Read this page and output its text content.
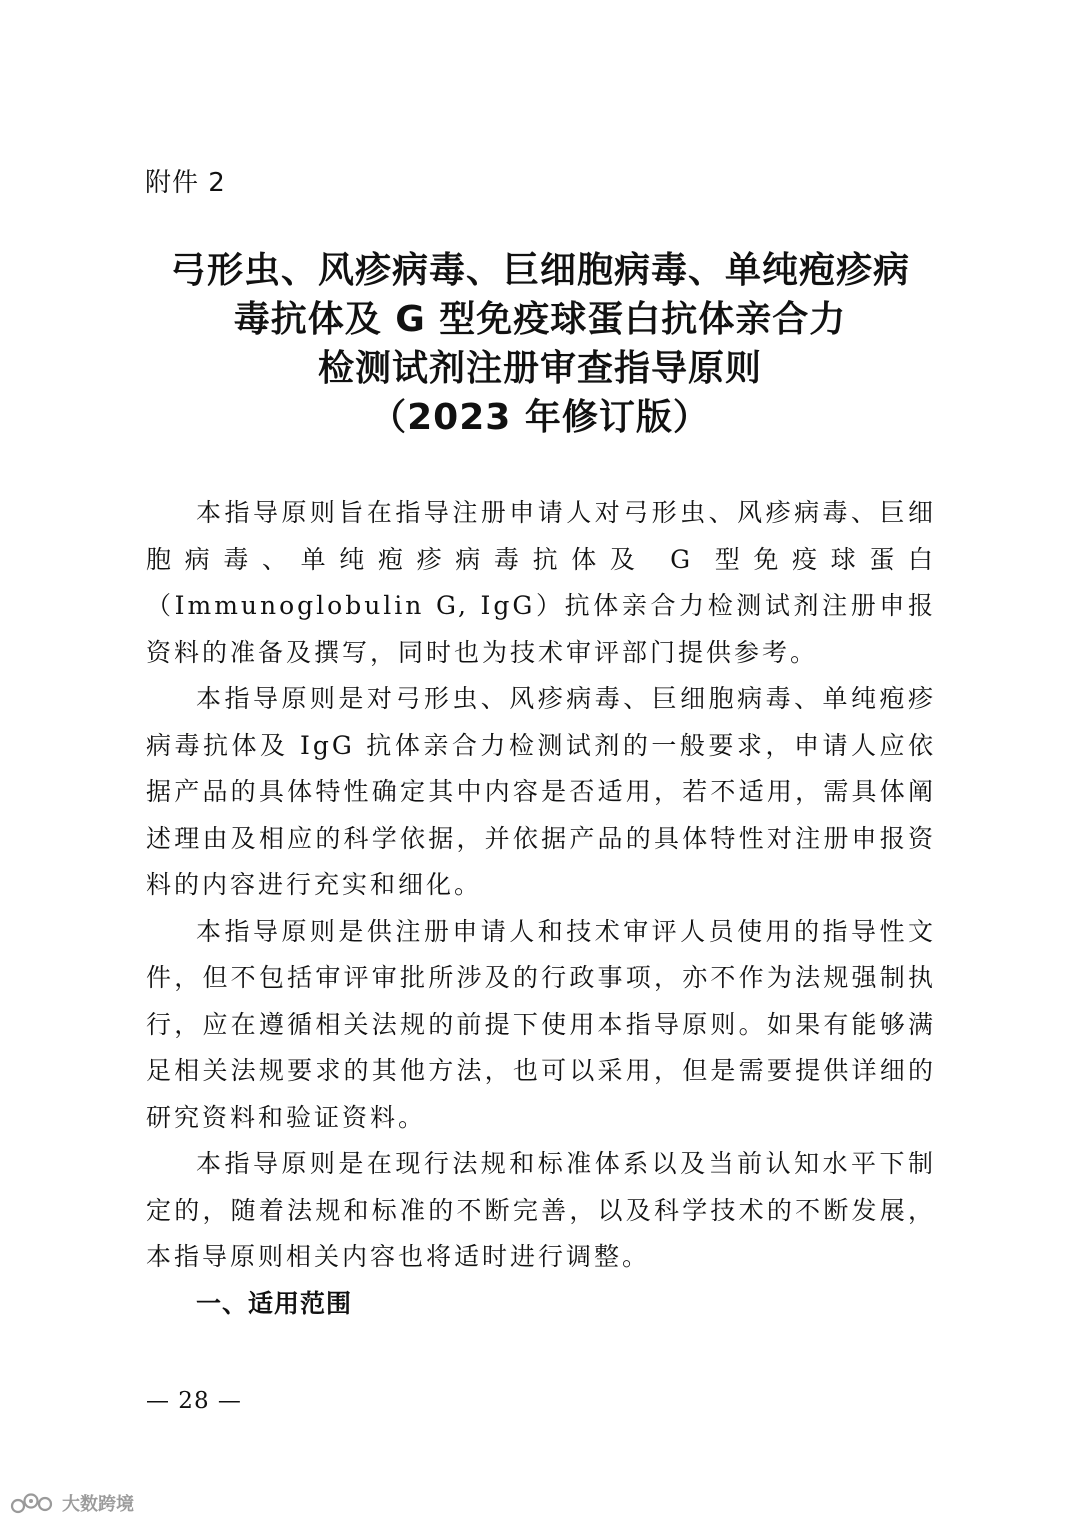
附件 2
弓形虫、风疹病毒、巨细胞病毒、单纯疱疹病
毒抗体及 G 型免疫球蛋白抗体亲合力
检测试剂注册审查指导原则
（2023 年修订版）

本指导原则旨在指导注册申请人对弓形虫、风疹病毒、巨细胞病毒、单纯疱疹病毒抗体及 G 型免疫球蛋白（Immunoglobulin G, IgG）抗体亲合力检测试剂注册申报资料的准备及撰写，同时也为技术审评部门提供参考。

本指导原则是对弓形虫、风疹病毒、巨细胞病毒、单纯疱疹病毒抗体及 IgG 抗体亲合力检测试剂的一般要求，申请人应依据产品的具体特性确定其中内容是否适用，若不适用，需具体阐述理由及相应的科学依据，并依据产品的具体特性对注册申报资料的内容进行充实和细化。

本指导原则是供注册申请人和技术审评人员使用的指导性文件，但不包括审评审批所涉及的行政事项，亦不作为法规强制执行，应在遵循相关法规的前提下使用本指导原则。如果有能够满足相关法规要求的其他方法，也可以采用，但是需要提供详细的研究资料和验证资料。

本指导原则是在现行法规和标准体系以及当前认知水平下制定的，随着法规和标准的不断完善，以及科学技术的不断发展，本指导原则相关内容也将适时进行调整。

一、适用范围

— 28 —
大数跨境
